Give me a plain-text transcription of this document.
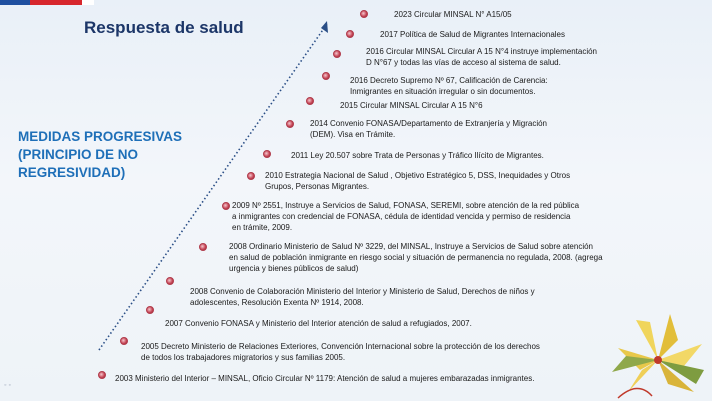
Respuesta de salud
MEDIDAS PROGRESIVAS
(PRINCIPIO DE NO
REGRESIVIDAD)
2023 Circular MINSAL N° A15/05
2017 Política de Salud de Migrantes Internacionales
2016 Circular MINSAL Circular A 15 N°4 instruye implementación
D N°67 y todas las vías de acceso al sistema de salud.
2016 Decreto Supremo Nº 67, Calificación de Carencia:
Inmigrantes en situación irregular o sin documentos.
2015 Circular MINSAL Circular A 15 N°6
2014 Convenio FONASA/Departamento de Extranjería y Migración
(DEM). Visa en Trámite.
2011 Ley 20.507 sobre Trata de Personas y Tráfico Ilícito de Migrantes.
2010 Estrategia Nacional de Salud , Objetivo Estratégico 5, DSS, Inequidades y Otros
Grupos, Personas Migrantes.
2009 Nº 2551, Instruye a Servicios de Salud, FONASA, SEREMI, sobre atención de la red pública
a inmigrantes con credencial de FONASA, cédula de identidad vencida y permiso de residencia
en trámite, 2009.
2008 Ordinario Ministerio de Salud Nº 3229, del MINSAL, Instruye a Servicios de Salud sobre atención
en salud de población inmigrante en riesgo social y situación de permanencia no regulada, 2008. (agrega
urgencia y bienes públicos de salud)
2008 Convenio de Colaboración Ministerio del Interior y Ministerio de Salud, Derechos de niños y
adolescentes, Resolución Exenta Nº 1914, 2008.
2007 Convenio FONASA y Ministerio del Interior atención de salud a refugiados, 2007.
2005 Decreto Ministerio de Relaciones Exteriores, Convención Internacional sobre la protección de los derechos
de todos los trabajadores migratorios y sus familias 2005.
2003 Ministerio del Interior – MINSAL, Oficio Circular Nº 1179: Atención de salud a mujeres embarazadas inmigrantes.
◦ ◦
